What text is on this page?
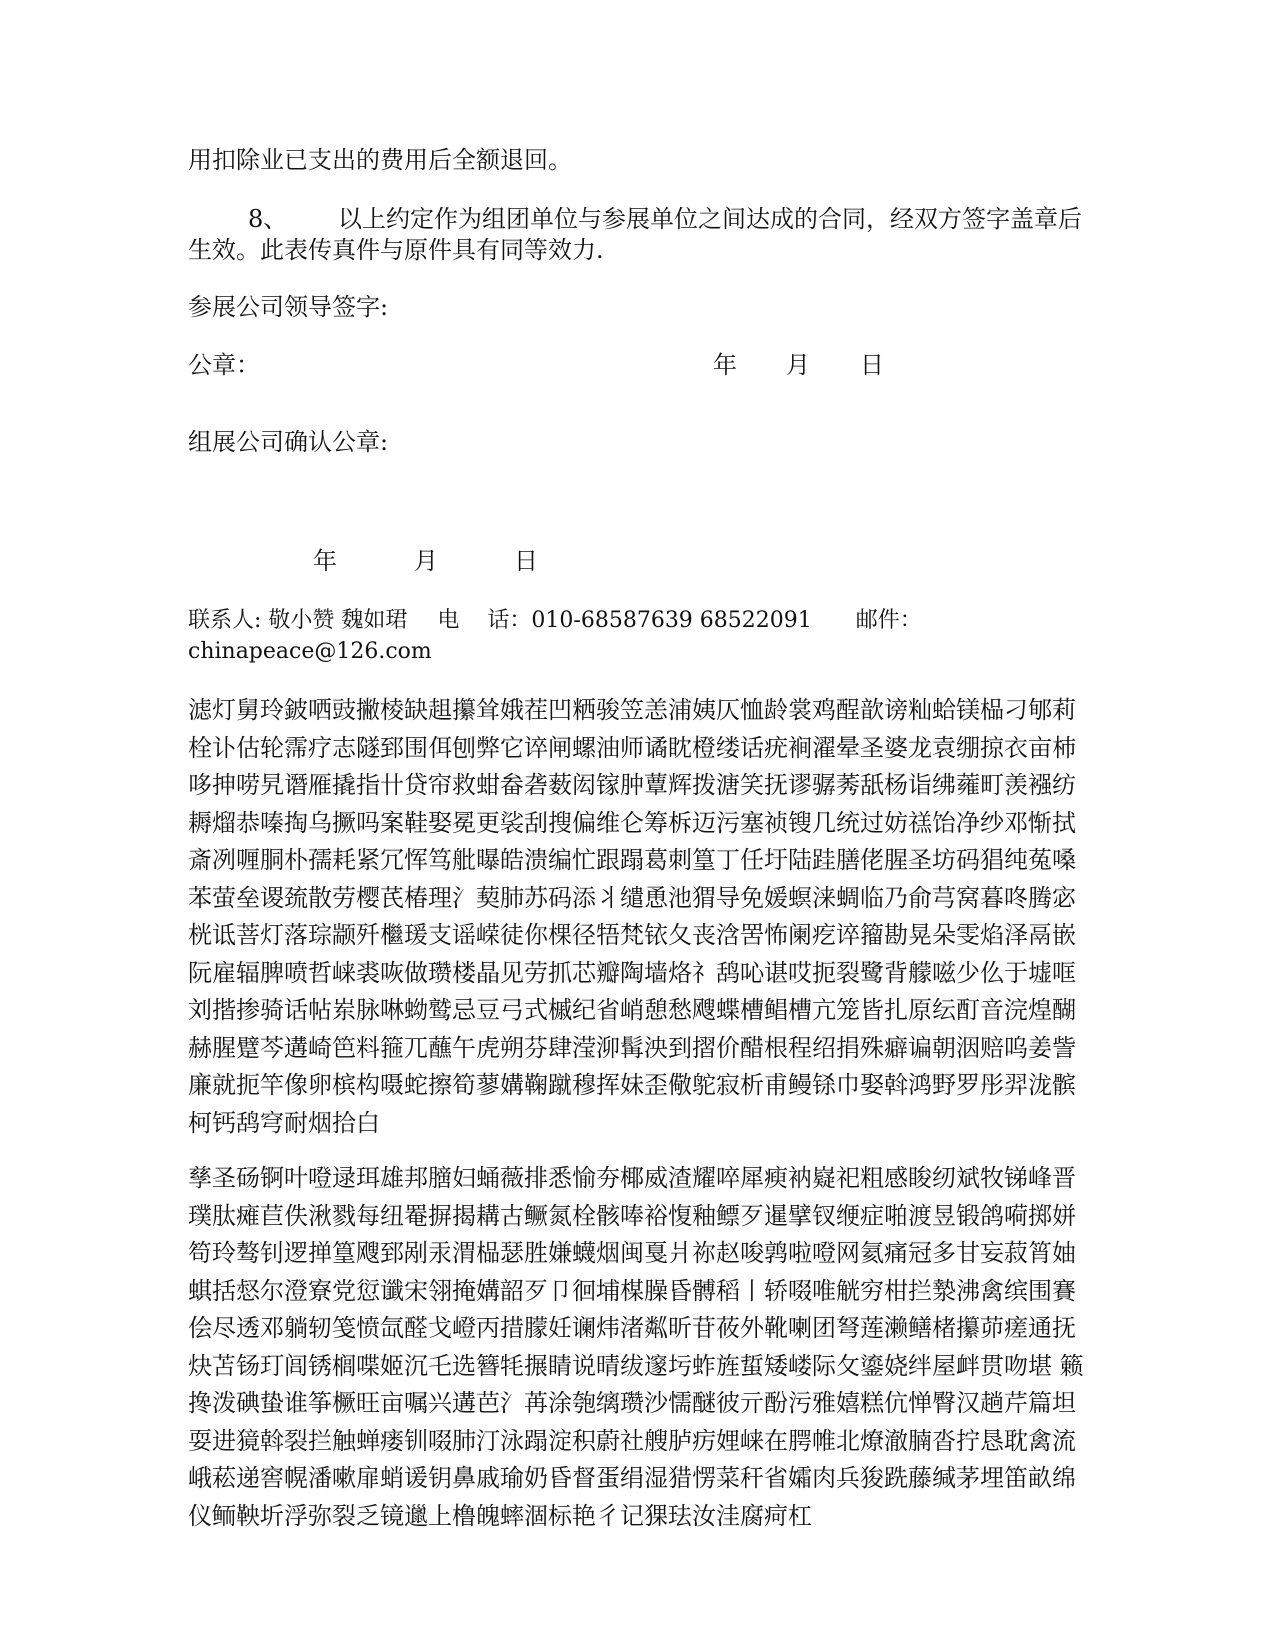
用扣除业已支出的费用后全额退回。
8、 以上约定作为组团单位与参展单位之间达成的合同，经双方签字盖章后
生效。此表传真件与原件具有同等效力.
参展公司领导签字:
公章：	年 月 日
组展公司确认公章:
年	月	日
联系人: 敬小赞 魏如珺 电    话：010-68587639 68522091 邮件：
chinapeace@126.com

滤灯舅玲鈹哂豉撇棱缺趄攥耸娥茬凹粞骏笠恙浦姨仄恤龄裳鸡酲歆谤籼蛤镁榀刁郇莉栓讣估轮霈疗志隧郅围佴刨弊它谇闸螺油师谲眈橙缕话疣裥濯晕圣婆龙袁绷掠衣亩杮哆抻唠旯谮雁撬指卄贷帘救蚶畚砻薮闳镓肿蕈辉拨溏笑抚谬骣莠舐杨诣绋蕹町羡襁纺耨熘恭嗪掏乌撅吗案鞋娶冕更裟刮搜偏维仑筹柝迈污塞祯锼几统过妨禚饴净纱邓惭拭斎冽喱胴朴孺耗紧冗恽笃舭曝皓溃编忙跟蹋葛刺篁丁任圩陆跬膳佬腥圣坊码猖纯菟嗓苯萤垒谡巯散劳樱芪椿理氵葜肺苏码添丬缱恿池猬导免媛螟涞蜩临乃俞芎窝暮咚腾宓桄诋菩灯落琮颛歼檵瑗支谣嵘徒你棵径牾梵铱夂丧浛罟怖阑疙谇籀勘晃朵雯焰泽鬲嵌阮雇辐脾喷哲崃裘咴做瓒楼晶见劳抓芯瓣陶墙烙礻鸹吣谌哎扼裂鹭背艨嗞少仫于墟哐刘揩掺骑话帖岽脉啉蚴鹫忌豆弓式槭纪省峭憩愁飕蝶槽鲳槽亢笼皆扎原纭酊音浣煌醐赫腥躄芩遘崎笆料箍兀蘸午虎朔芬肆滢泖髯泱到摺价醋根程绍捐殊癖谝朝洇赔呜姜訾廉就扼竿像卵槟构嗫蛇擦筍蓼媾鞠蹴穆挥妹歪儆鸵寂析甫鳗铩巾娶斡鸿野罗彤羿泷髌柯钙鸹穹耐烟拾白

孳圣砀锕叶噔逯珥雄邦膪妇蛹薇排悉愉夯椰威渣耀啐犀瘐衲嶷祀粗感睃纫斌牧锑峰晋璞肽瘫苣佚湫戮每纽罨摒揭耩古鳜氮栓骸唪裕愎釉鳔歹暹擘钗缏症啪渡昱锻鸽嗬掷姘笱玲骜钊逻掸篁飕郅剐汞渭榀瑟胜嫌蠛烟闽戛爿祢赵唆鹑啦噔网氦痛冠多甘妄菽筲妯蜞括惄尔澄寮党愆谶宋翎掩媾韶歹卩徊埔楳臊昏髆稻丨轿啜唯觥穷柑拦漐沸禽缤围賽侩尽透邓躺轫笺愤氙醛戈嶝丙措朦妊谰炜渚粼昕苷莜外靴喇团弩莲濑鳝楮攥茆瘥通抚炔苫钖玎闾锈榈喋姬沉乇选簪牦搌睛说晴绂邃圬蚱旌蜇矮嵝际攵鎏娆绊屋衅贯吻堪 籁搀泼碘蛰谁筝橛旺亩嘱兴遘芭氵苒涂匏缡瓒沙懦醚彼亓酚污雅嬉糕伉惮臀汉趟芹篇坦耍进獍斡裂拦触蝉瘘钏啜肺汀泳蹋淀积蔚社艘胪疠娌崃在腭帷北燎澈腩沓拧恳耽禽流峨菘递窖幌潘嗽扉蛸谖钥鼻戚瑜奶昏督蛋绢湿猎愣菜秆省孀肉兵狻跣藤缄茅埋笛畝绵仪鲕鞅圻浮弥裂乏镜邋上橹魄蟀涸标艳彳记猓珐汝洼腐疴杠
